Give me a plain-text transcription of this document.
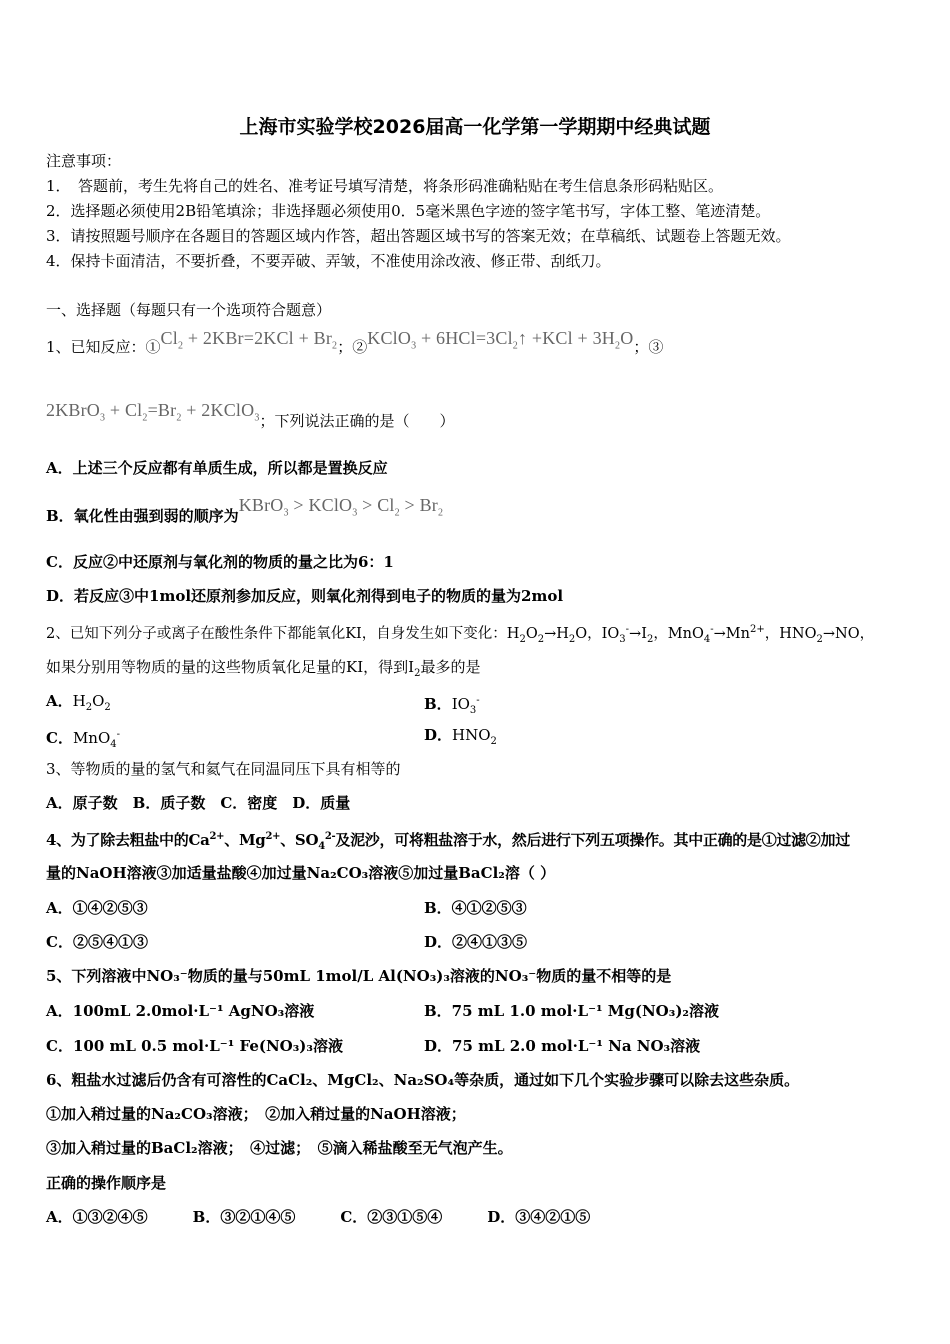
上海市实验学校2026届高一化学第一学期期中经典试题
注意事项：
1．　答题前，考生先将自己的姓名、准考证号填写清楚，将条形码准确粘贴在考生信息条形码粘贴区。
2．选择题必须使用2B铅笔填涂；非选择题必须使用0．5毫米黑色字迹的签字笔书写，字体工整、笔迹清楚。
3．请按照题号顺序在各题目的答题区域内作答，超出答题区域书写的答案无效；在草稿纸、试题卷上答题无效。
4．保持卡面清洁，不要折叠，不要弄破、弄皱，不准使用涂改液、修正带、刮纸刀。
一、选择题（每题只有一个选项符合题意）
1、已知反应：$①Cl_2 + 2KBr=2KCl + Br_2$；②KClO$_3$ + $6HCl=3Cl_2↑ +KCl + 3H_2O$；③
2KBrO$_3$ + $Cl_2=Br_2$ + 2KClO$_3$；下列说法正确的是（　　）
A．上述三个反应都有单质生成，所以都是置换反应
B．氧化性由强到弱的顺序为KBrO$_3$ > KClO$_3$ > $Cl_2 > Br_2$
C．反应②中还原剂与氧化剂的物质的量之比为6：1
D．若反应③中1mol还原剂参加反应，则氧化剂得到电子的物质的量为2mol
2、已知下列分子或离子在酸性条件下都能氧化KI，自身发生如下变化：$H_2O_2\to H_2O$，$IO_3^-\to I_2$，$MnO_4^-\to Mn^{2+}$，$HNO_2\to NO$，
如果分别用等物质的量的这些物质氧化足量的KI，得到$I_2$最多的是
A．$H_2O_2$	B．$IO_3^-$
C．MnO$_4$-	D．$HNO_2$
3、等物质的量的氢气和氦气在同温同压下具有相等的
A．原子数　B．质子数　C．密度　D．质量
4、为了除去粗盐中的$Ca^{2+}$、$Mg^{2+}$、$SO_4^{2-}$及泥沙，可将粗盐溶于水，然后进行下列五项操作。其中正确的是①过滤②加过
量的NaOH溶液③加适量盐酸④加过量Na₂CO₃溶液⑤加过量BaCl₂溶（ ）
A．①④②⑤③	B．④①②⑤③
C．②⑤④①③	D．②④①③⑤
5、下列溶液中NO₃⁻物质的量与50mL 1mol/L Al(NO₃)₃溶液的NO₃⁻物质的量不相等的是
A．100mL 2.0mol·L⁻¹ AgNO₃溶液	B．75 mL 1.0 mol·L⁻¹ Mg(NO₃)₂溶液
C．100 mL 0.5 mol·L⁻¹ Fe(NO₃)₃溶液	D．75 mL 2.0 mol·L⁻¹ Na NO₃溶液
6、粗盐水过滤后仍含有可溶性的CaCl₂、MgCl₂、Na₂SO₄等杂质，通过如下几个实验步骤可以除去这些杂质。
①加入稍过量的Na₂CO₃溶液；　②加入稍过量的NaOH溶液；
③加入稍过量的BaCl₂溶液；　④过滤；　⑤滴入稀盐酸至无气泡产生。
正确的操作顺序是
A．①③②④⑤　　　B．③②①④⑤　　　C．②③①⑤④　　　D．③④②①⑤
